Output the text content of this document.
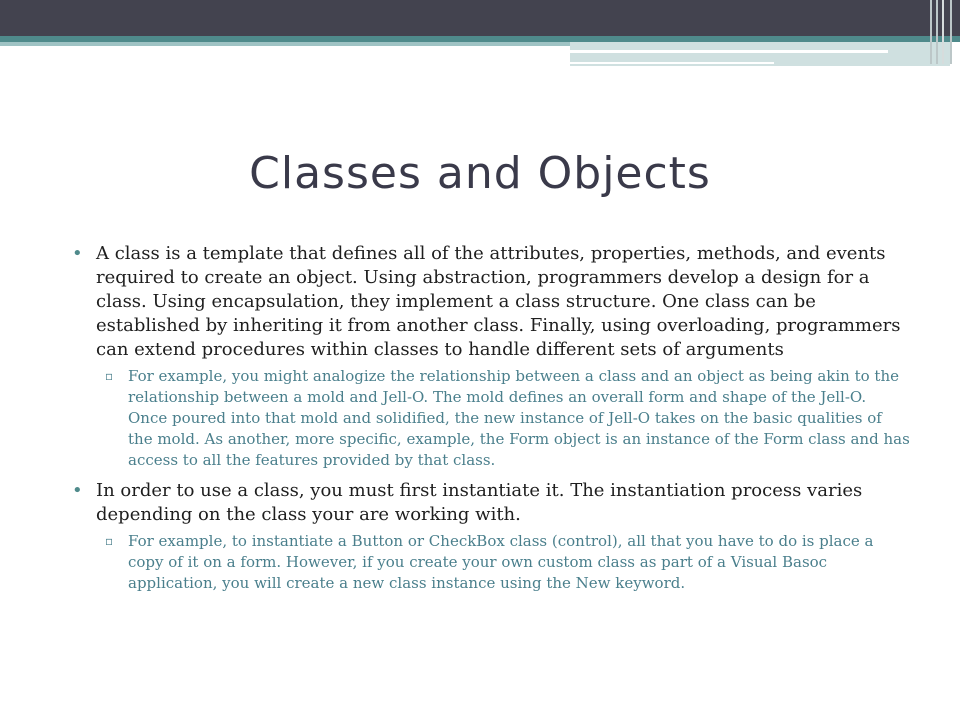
Classes and Objects
• A class is a template that defines all of the attributes, properties, methods, and events required to create an object. Using abstraction, programmers develop a design for a class. Using encapsulation, they implement a class structure. One class can be established by inheriting it from another class. Finally, using overloading, programmers can extend procedures within classes to handle different sets of arguments
▫ For example, you might analogize the relationship between a class and an object as being akin to the relationship between a mold and Jell-O. The mold defines an overall form and shape of the Jell-O. Once poured into that mold and solidified, the new instance of Jell-O takes on the basic qualities of the mold. As another, more specific, example, the Form object is an instance of the Form class and has access to all the features provided by that class.
• In order to use a class, you must first instantiate it. The instantiation process varies depending on the class your are working with.
▫ For example, to instantiate a Button or CheckBox class (control), all that you have to do is place a copy of it on a form. However, if you create your own custom class as part of a Visual Basoc application, you will create a new class instance using the New keyword.
